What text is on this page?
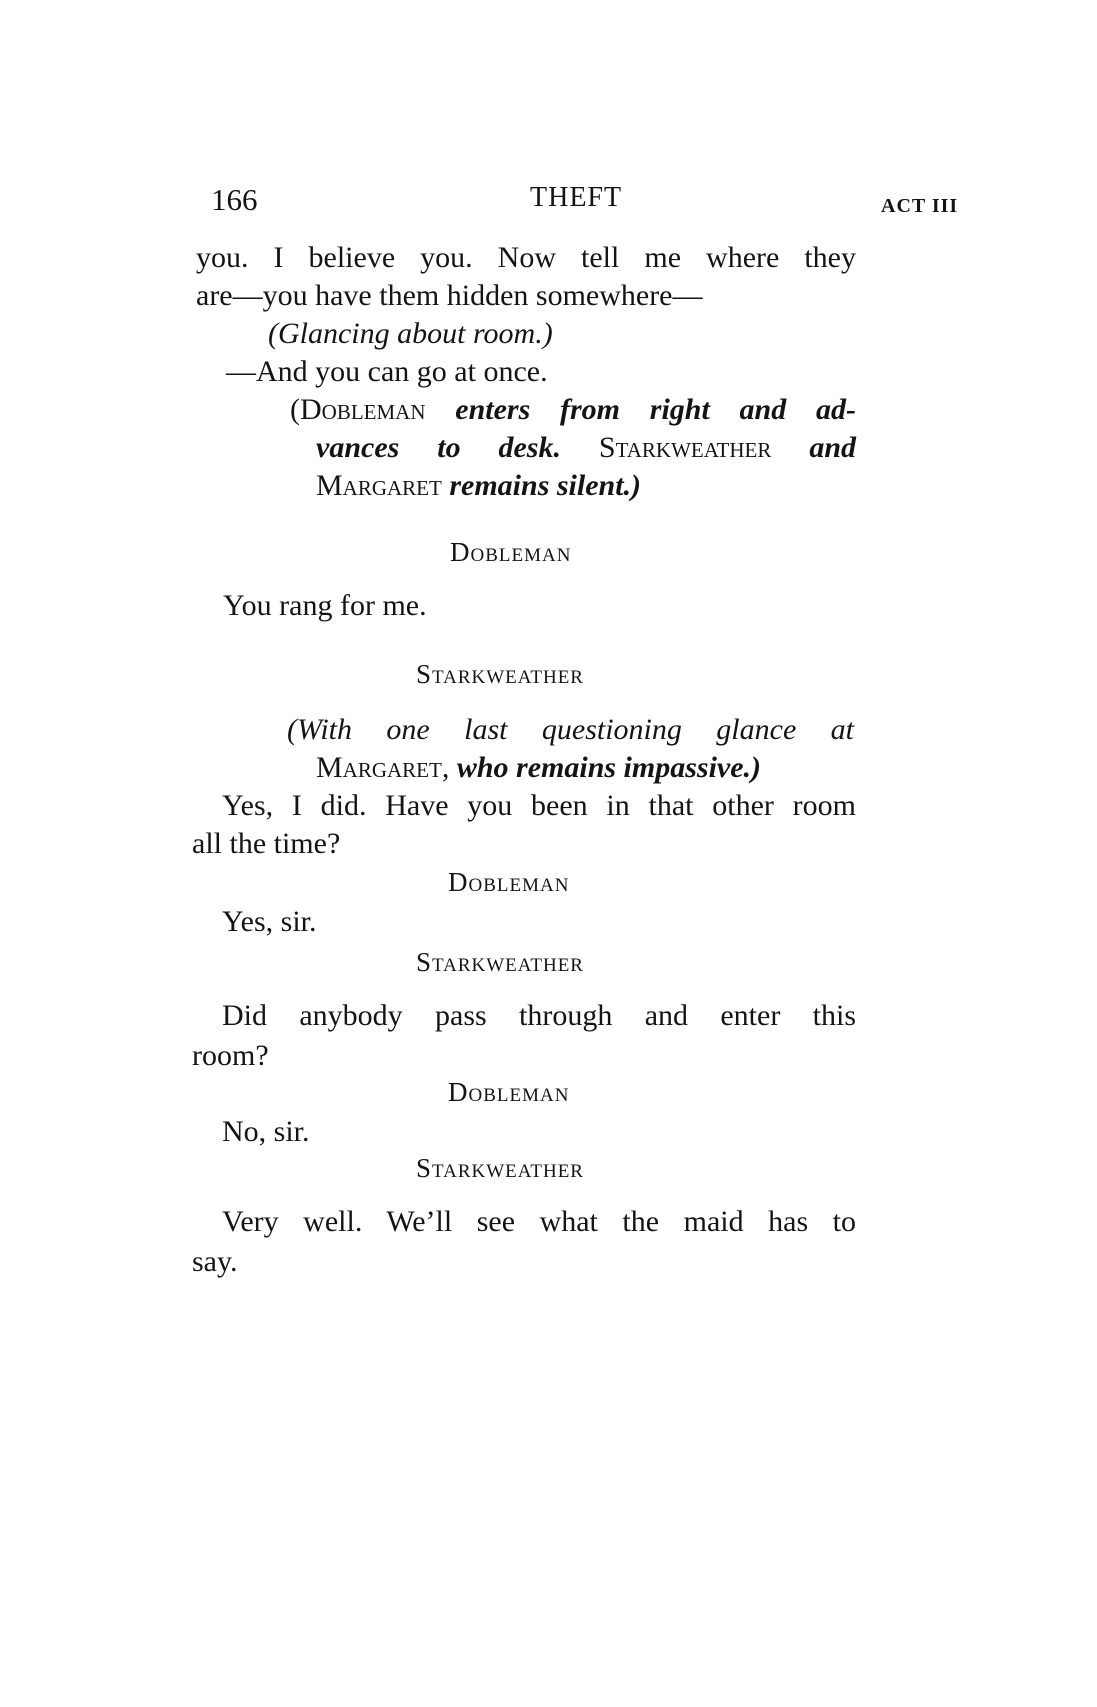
166	THEFT	ACT III
you. I believe you. Now tell me where they
are—you have them hidden somewhere—
(Glancing about room.)
—And you can go at once.
(Dobleman enters from right and ad-
vances to desk. Starkweather and
Margaret remains silent.)
Dobleman
You rang for me.
Starkweather
(With one last questioning glance at
Margaret, who remains impassive.)
Yes, I did. Have you been in that other room
all the time?
Dobleman
Yes, sir.
Starkweather
Did anybody pass through and enter this
room?
Dobleman
No, sir.
Starkweather
Very well. We’ll see what the maid has to
say.
